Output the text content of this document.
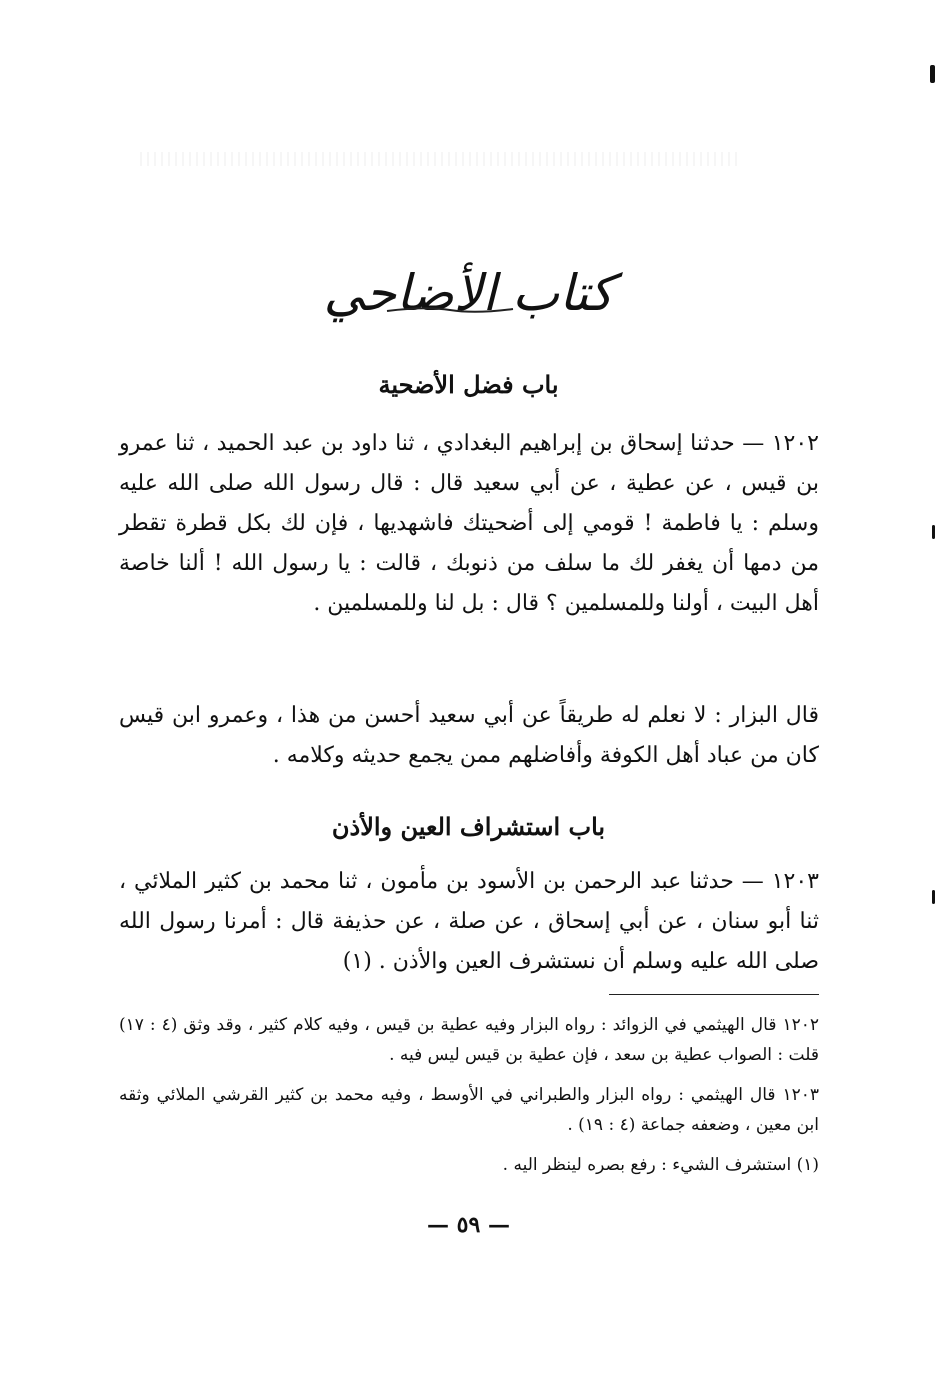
كتاب الأضاحي
باب فضل الأضحية

١٢٠٢ — حدثنا إسحاق بن إبراهيم البغدادي ، ثنا داود بن عبد الحميد ، ثنا عمرو بن قيس ، عن عطية ، عن أبي سعيد قال : قال رسول الله صلى الله عليه وسلم : يا فاطمة ! قومي إلى أضحيتك فاشهديها ، فإن لك بكل قطرة تقطر من دمها أن يغفر لك ما سلف من ذنوبك ، قالت : يا رسول الله ! ألنا خاصة أهل البيت ، أولنا وللمسلمين ؟ قال : بل لنا وللمسلمين .

قال البزار : لا نعلم له طريقاً عن أبي سعيد أحسن من هذا ، وعمرو ابن قيس كان من عباد أهل الكوفة وأفاضلهم ممن يجمع حديثه وكلامه .

باب استشراف العين والأذن

١٢٠٣ — حدثنا عبد الرحمن بن الأسود بن مأمون ، ثنا محمد بن كثير الملائي ، ثنا أبو سنان ، عن أبي إسحاق ، عن صلة ، عن حذيفة قال : أمرنا رسول الله صلى الله عليه وسلم أن نستشرف العين والأذن . (١)

١٢٠٢ قال الهيثمي في الزوائد : رواه البزار وفيه عطية بن قيس ، وفيه كلام كثير ، وقد وثق (٤ : ١٧) قلت : الصواب عطية بن سعد ، فإن عطية بن قيس ليس فيه .

١٢٠٣ قال الهيثمي : رواه البزار والطبراني في الأوسط ، وفيه محمد بن كثير القرشي الملائي وثقه ابن معين ، وضعفه جماعة (٤ : ١٩) .

(١) استشرف الشيء : رفع بصره لينظر اليه .

— ٥٩ —
